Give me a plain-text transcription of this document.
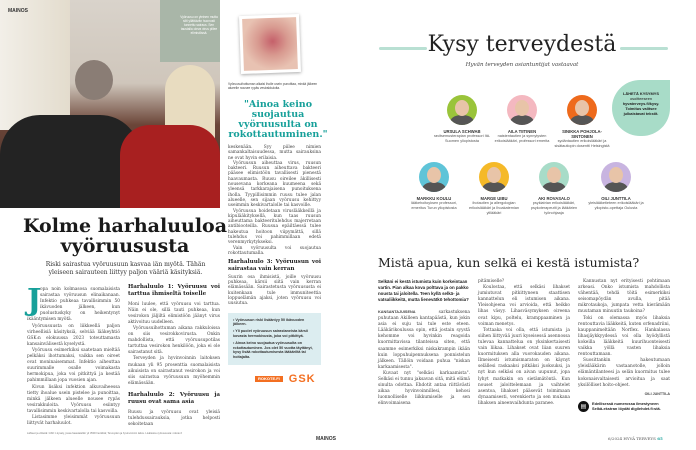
MAINOS
Vyöruusu on yleinen mutta silti yllättävän huonosti tunnettu sairaus. Sen taustalla oleva virus piilee elimistössä.
Vyöruusuihottuman alkaisi iholle usein punoittaa, minkä jälkeen alueelle nousee rypäs vesirakkuloita.
"Ainoa keino suojautua vyöruusulta on rokottautuminen."

keskenään. Syy piilee nimien samankaltaisuudessa, mutta sairauksina ne ovat hyvin erilaisia.

Vyöruusun aiheuttaa virus, ruusun bakteeri. Ruusun aiheuttava bakteeri pääsee elimistöön tavallisesti pienestä haavaumasta. Ruusu oireilee äkillisesti nousevana korkeana kuumeena sekä yleensä tarkkarajaisena punoituksena iholla. Tyypillisimmin ruusu tulee jalan alueelle, sen sijaan vyöruusu kehittyy useimmin keskivartalolle tai kasvoille.

Vyöruusua hoidetaan viruslääkkeillä ja kipulääkityksellä, kun taas ruusun aiheuttama bakteeritulehdus majerretaan antibiooteilla. Ruusua epäiltäessä tulee hakeutua hoitoon viipymättä, sillä tulehdus voi pahimmillaan edetä verenmyrkytykseksi.

Vain vyöruusulta voi suojautua rokottautumalla.

Harhaluulo 3: Vyöruusun voi sairastaa vain kerran

Suurin osa ihmisistä, joille vyöruusu puhkeaa, kärsii siitä vain kerran elämässään. Sairastetusta vyöruususta ei kuitenkaan tule immuniteettia loppuelämän ajaksi, joten vyöruusu voi uusiutua.

• Vyöruusun riski lisääntyy 50 ikävuoden jälkeen.
• Yli puolet vyöruusun sairastaneista kärsii kovasta hermokivusta, joka voi pitkittyä.
• Ainoa keino suojautua vyöruusulta on rokottautuminen. Jos olet 50 vuotta täyttänyt, kysy lisää rokottautumisesta lääkäriltä tai hoitajalta.
ROKOTE.FI GSK
Kolme harhaluuloa vyöruususta
Riski sairastua vyöruusuun kasvaa iän myötä. Tähän yleiseen sairauteen liittyy paljon vääriä käsityksiä.
J

opa noin kolmasosa suomalaisista sairastaa vyöruusun elinaikanaan. Infektio puhkeaa tavallisimmin 50 ikävuoden jälkeen, kun puolustuskyky on heikentynyt ikääntymisen myötä.

Vyöruusuusta on liikkeellä paljon virheellisiä käsityksiä, selviää lääkeyhtiö GSK:n elokuussa 2023 toteuttamasta kansainvälisestä kyselystä.

Vyöruusu esimerkiksi saatetaan mieltää pelkäksi ihottumaksi, vaikka sen oireet ovat moninaisemmat. Infektio aiheuttaa suurimmalle osalle voimakasta hermokipua, joka voi pitkittyä ja kestää pahimmillaan jopa vuosien ajan.

Kivun lisäksi infektion alkuvaiheessa tietty ihoalue usein pistelee ja punoittaa, minkä jälkeen alueelle nousee rypäs vesirakkuloita. Vyöruusu esiintyy tavallisimmin keskivartalolla tai kasvoilla.

Listasimme yleisimmät vyöruusuun liittyvät harhaluulot.

Harhaluulo 1: Vyöruusu voi tarttua ihmiseltä toiselle

Moni luulee, että vyöruusu voi tarttua. Näin ei ole, sillä tauti puhkeaa, kun vesirokon jäljiltä elimistöön jäänyt virus aktivoituu uudelleen.

Vyöruusuihottuman aikana rakkuloissa on siis vesirokkovirusta. Onkin mahdollista, että vyöruusupotilas tartuttaa vesirokon henkilöön, joka ei ole sairastanut sitä.

Terveyden ja hyvinvoinnin laitoksen mukaan yli 95 prosenttia suomalaisista aikuisista on sairastanut vesirokon ja voi siis sairastua vyöruusuun myöhemmin elämässään.

Harhaluulo 2: Vyöruusu ja ruusu ovat sama asia

Ruusu ja vyöruusu ovat yleisiä tulehdussairauksia, jotka helposti sekoitetaan

Lähteet ja viitteitä: GSK:n kysely, jossa haastateltiin yli 3500 henkilöä; Terveyden ja hyvinvoinnin laitos. Lisätietoa vyöruususta: rokote.fi
MAINOS
Kysy terveydestä
Hyvän terveyden asiantuntijat vastaavat
LÄHETÄ KYSYMYS
osoitteeseen
hyvaterveys.fi/kysy.
Toimitus valitsee
julkaistavat tekstit.
URSULA SCHWAB
ravitsemusterapian professori Itä-Suomen yliopistosta
AILA TIITINEN
naistentautien ja synnytysten erikoislääkäri, professori emerita
SINIKKA POHJOLA-SINTONEN
sydäntautien erikoislääkäri ja sisätautiopin dosentti Helsingistä
MARKKU KOULU
lääkehoitoyksen professori, emeritus Turun yliopistosta
MARGE UIBU
ihotautien ja allergologian erikoislääkäri ja Ihoakatemian ylilääkäri
AKI ROVASALO
psykiatrian erikoislääkäri, psykoterapeutti ja lääkärien työnohjaaja
OILI JUNTTILA
yleislääketieteen erikoislääkäri ja yliopisto-opettaja Oulusta
Mistä apua, kun selkä ei kestä istumista?

Selkäni ei kestä istumista kuin korkeintaan vartin. Pian alkaa kova polttava ja on pakko nousta tai jaloitella. Teen kyllä selkä- ja vatsaliikkeitä, mutta lienevätkö tehottomia?

KANSANTAJUISENA	sarkastuksena puhutaan Akilleen kantapäästä, kun jokin asia ei suju tai tule este eteen. Lääkärikoulussa opin, että jostain syystä kehomme voi hyvinkin reagoida kuormittavissa tilanteissa siten, että saamme esimerkiksi niskakrampin ikään kuin loppuhuipennuksena ponnistelun jälkeen. Tällöin voidaan puhua "niskan karkaamisesta".

Kuvaat nyt "selkäsi karkaamista". Selkäsi ei tunnu jaksavan sitä, mitä elämä sinulta odottaa. Ehdotit antaa riittävästi aikaa hyvinvoinnillesi, kehosi luonnolliselle liikkumiselle ja sen elinvoimaisena

pitämiselle?

Koulostaa, että selkäsi lihakset jumiutuvat pitkittyneen staattisen kannattelun eli istumisen aikana. Yleisohjeena voi arvioida, että heikko lihas väsyy. Lihasväsymyksen oireena ovat kipu, poltelu, kramppaaminen ja voiman menetys.

Tottaaka voi olla, että istumista ja siihen liittyvää juuri kyseisessä asennossa tulevaa kannattelua on yksinkertaisesti vain liikaa. Lihakset ovat liian suuren kuormituksen alla vuorokauden aikana. Ilmeisesti istumismaraton on käynyt selällesi raskaaksi pitkäksi juoksuksi, ja nyt kun selkäsi on aivan uupunut, jopa lyhyt matkakin on sietämätöntä. Kun nouset jaloittelemaan ja vaihtelet asentoa, lihakset pääsevät toimimaan dynaamisesti, verenkierto ja sen mukana lihaksen aineenvaihdunta paranee.

Kannustan nyt erityisesti pohtimaan arkeasi. Onko istumista mahdollista vähentää, tehdä töitä esimerkiksi seisomapöydän avulla, pitää mikrotaukoja, jumpata vetta kierämään muutaman minuutin taukoina?

Toki on olemassa myös lihaksia rentouttavia lääkkeitä, kuten orfenadriini, kauppanimeltään Norflex. Hankalassa lihasjäykkyydessä voi olla hyödyllistä kokeilla lääkkeitä kuurihuonteisesti vaikka yöllä vasten lihaksia rentouttamaan.

Suosittankin hakeutumaan yleislääkärin vastaanotolle, jolloin elämäntilanteesi ja selän kuormitus tulee kokonaisvaltaisesti arvioitua ja saat yksilölliset hoito-ohjeet.

OILI JUNTTILA
▤	Edellisessä numerossa ilmestyneen Selkä-ekstran löydät digilehdet.fi:stä.
6/2024 HYVÄ TERVEYS 65
